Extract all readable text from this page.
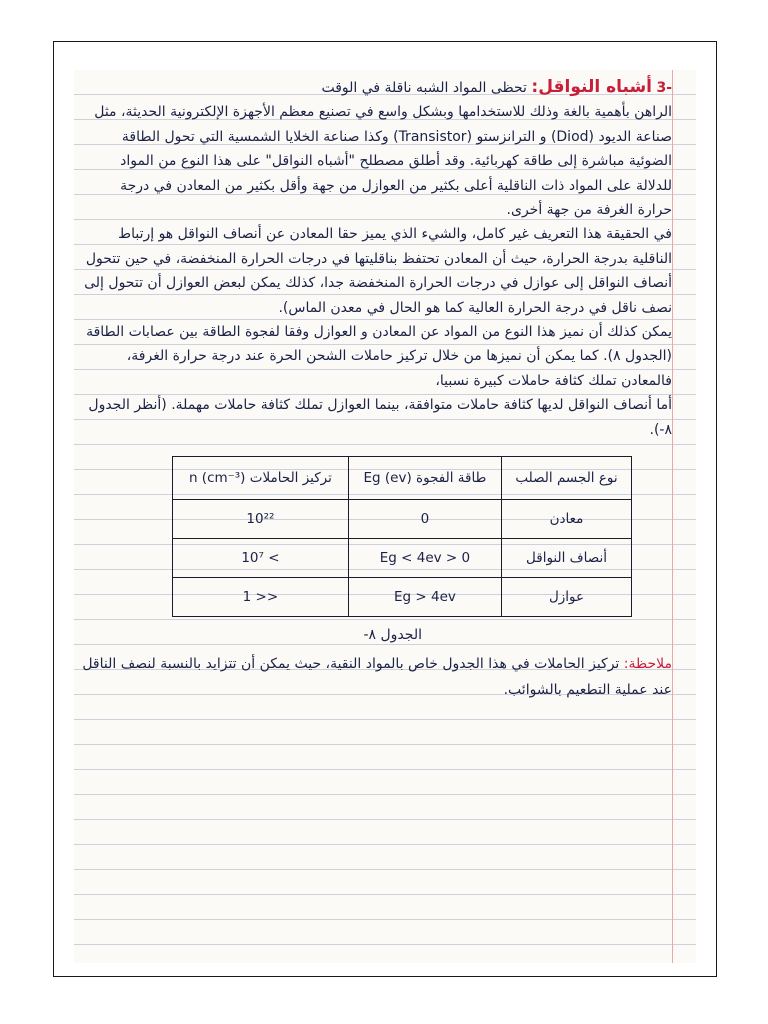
-3 أشباه النواقل: تحظى المواد الشبه ناقلة في الوقت

الراهن بأهمية بالغة وذلك للاستخدامها وبشكل واسع في تصنيع معظم الأجهزة الإلكترونية الحديثة، مثل صناعة الديود (Diod) و الترانزستو (Transistor) وكذا صناعة الخلايا الشمسية التي تحول الطاقة الضوئية مباشرة إلى طاقة كهربائية. وقد أطلق مصطلح "أشباه النواقل" على هذا النوع من المواد للدلالة على المواد ذات الناقلية أعلى بكثير من العوازل من جهة وأقل بكثير من المعادن في درجة حرارة الغرفة من جهة أخرى.

في الحقيقة هذا التعريف غير كامل، والشيء الذي يميز حقا المعادن عن أنصاف النواقل هو إرتباط الناقلية بدرجة الحرارة، حيث أن المعادن تحتفظ بناقليتها في درجات الحرارة المنخفضة، في حين تتحول أنصاف النواقل إلى عوازل في درجات الحرارة المنخفضة جدا، كذلك يمكن لبعض العوازل أن تتحول إلى نصف ناقل في درجة الحرارة العالية كما هو الحال في معدن الماس).

يمكن كذلك أن نميز هذا النوع من المواد عن المعادن و العوازل وفقا لفجوة الطاقة بين عصابات الطاقة (الجدول ٨). كما يمكن أن نميزها من خلال تركيز حاملات الشحن الحرة عند درجة حرارة الغرفة، فالمعادن تملك كثافة حاملات كبيرة نسبيا،

أما أنصاف النواقل لديها كثافة حاملات متوافقة، بينما العوازل تملك كثافة حاملات مهملة. (أنظر الجدول ٨-).

نوع الجسم الصلب	طاقة الفجوة Eg (ev)	تركيز الحاملات n (cm⁻³)
معادن	0	10²²
أنصاف النواقل	0 < Eg < 4ev	> 10⁷
عوازل	Eg > 4ev	<< 1

الجدول ٨-

ملاحظة: تركيز الحاملات في هذا الجدول خاص بالمواد النقية، حيث يمكن أن تتزايد بالنسبة لنصف الناقل عند عملية التطعيم بالشوائب.
